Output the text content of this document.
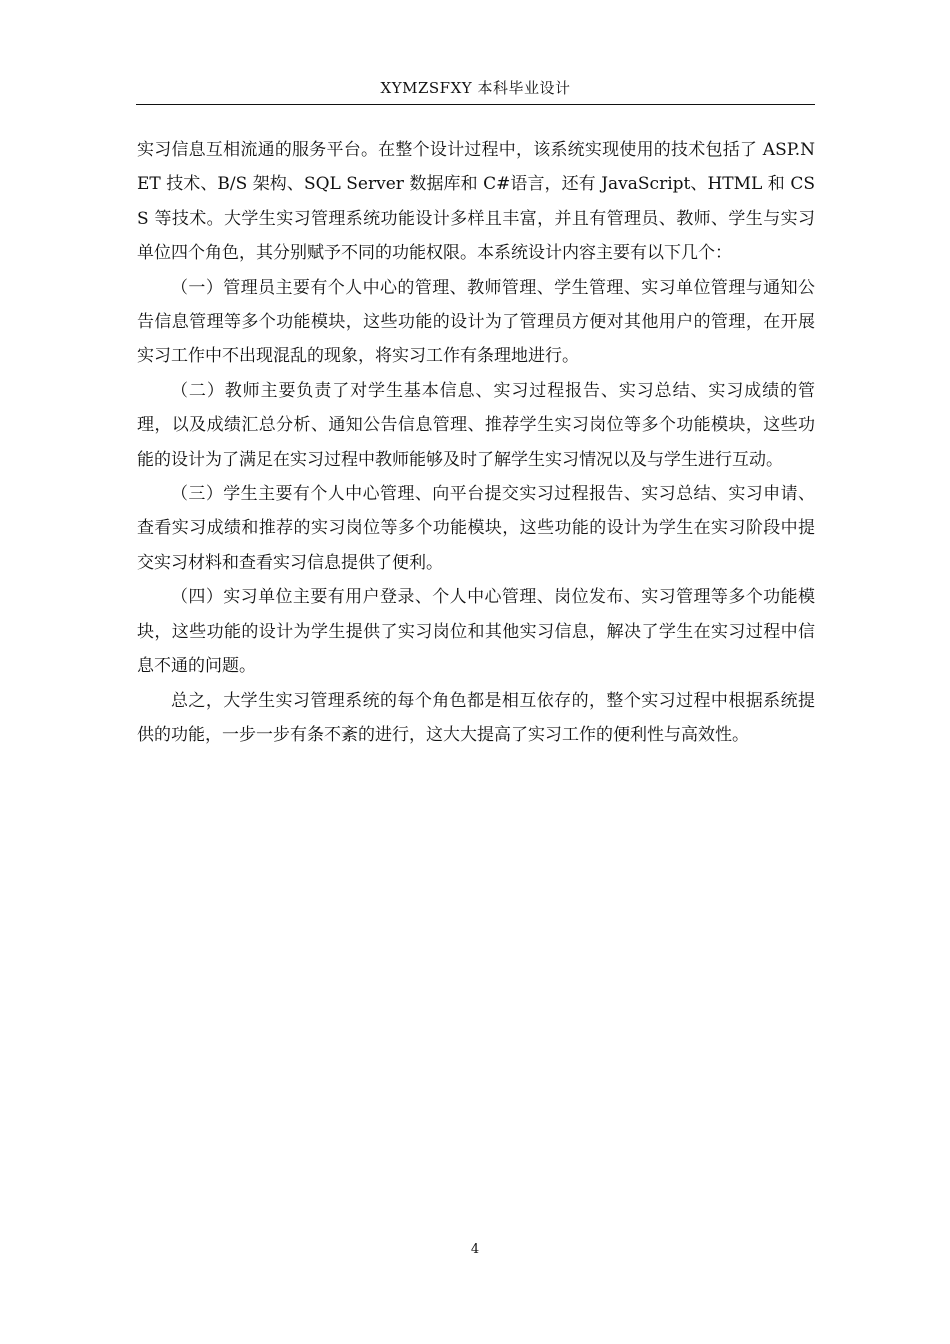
XYMZSFXY 本科毕业设计

实习信息互相流通的服务平台。在整个设计过程中，该系统实现使用的技术包括了 ASP.NET 技术、B/S 架构、SQL Server 数据库和 C#语言，还有 JavaScript、HTML 和 CSS 等技术。大学生实习管理系统功能设计多样且丰富，并且有管理员、教师、学生与实习单位四个角色，其分别赋予不同的功能权限。本系统设计内容主要有以下几个：

（一）管理员主要有个人中心的管理、教师管理、学生管理、实习单位管理与通知公告信息管理等多个功能模块，这些功能的设计为了管理员方便对其他用户的管理，在开展实习工作中不出现混乱的现象，将实习工作有条理地进行。

（二）教师主要负责了对学生基本信息、实习过程报告、实习总结、实习成绩的管理，以及成绩汇总分析、通知公告信息管理、推荐学生实习岗位等多个功能模块，这些功能的设计为了满足在实习过程中教师能够及时了解学生实习情况以及与学生进行互动。

（三）学生主要有个人中心管理、向平台提交实习过程报告、实习总结、实习申请、查看实习成绩和推荐的实习岗位等多个功能模块，这些功能的设计为学生在实习阶段中提交实习材料和查看实习信息提供了便利。

（四）实习单位主要有用户登录、个人中心管理、岗位发布、实习管理等多个功能模块，这些功能的设计为学生提供了实习岗位和其他实习信息，解决了学生在实习过程中信息不通的问题。

总之，大学生实习管理系统的每个角色都是相互依存的，整个实习过程中根据系统提供的功能，一步一步有条不紊的进行，这大大提高了实习工作的便利性与高效性。

4
